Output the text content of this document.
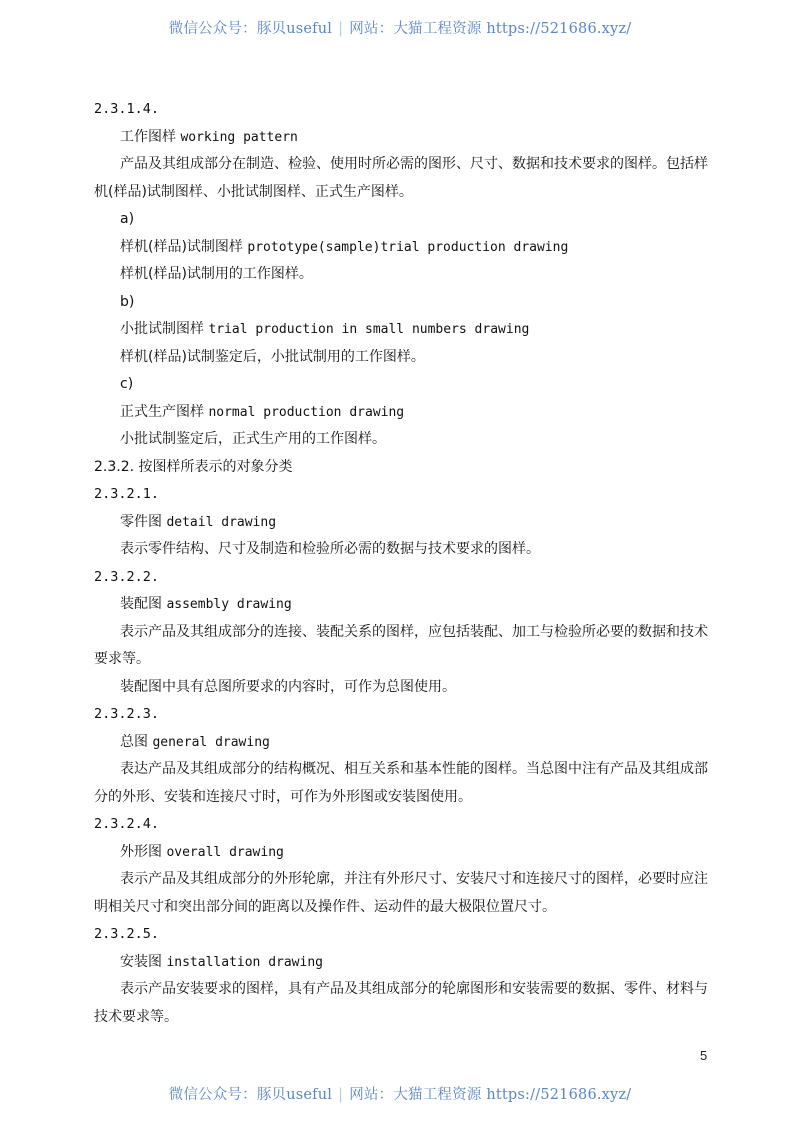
微信公众号：豚贝useful | 网站：大猫工程资源 https://521686.xyz/
2.3.1.4.
工作图样 working pattern
产品及其组成部分在制造、检验、使用时所必需的图形、尺寸、数据和技术要求的图样。包括样机(样品)试制图样、小批试制图样、正式生产图样。
a)
样机(样品)试制图样 prototype(sample)trial production drawing
样机(样品)试制用的工作图样。
b)
小批试制图样 trial production in small numbers drawing
样机(样品)试制鉴定后，小批试制用的工作图样。
c)
正式生产图样 normal production drawing
小批试制鉴定后，正式生产用的工作图样。
2.3.2. 按图样所表示的对象分类
2.3.2.1.
零件图 detail drawing
表示零件结构、尺寸及制造和检验所必需的数据与技术要求的图样。
2.3.2.2.
装配图 assembly drawing
表示产品及其组成部分的连接、装配关系的图样，应包括装配、加工与检验所必要的数据和技术要求等。
装配图中具有总图所要求的内容时，可作为总图使用。
2.3.2.3.
总图 general drawing
表达产品及其组成部分的结构概况、相互关系和基本性能的图样。当总图中注有产品及其组成部分的外形、安装和连接尺寸时，可作为外形图或安装图使用。
2.3.2.4.
外形图 overall drawing
表示产品及其组成部分的外形轮廓，并注有外形尺寸、安装尺寸和连接尺寸的图样，必要时应注明相关尺寸和突出部分间的距离以及操作件、运动件的最大极限位置尺寸。
2.3.2.5.
安装图 installation drawing
表示产品安装要求的图样，具有产品及其组成部分的轮廓图形和安装需要的数据、零件、材料与技术要求等。
5
微信公众号：豚贝useful | 网站：大猫工程资源 https://521686.xyz/
